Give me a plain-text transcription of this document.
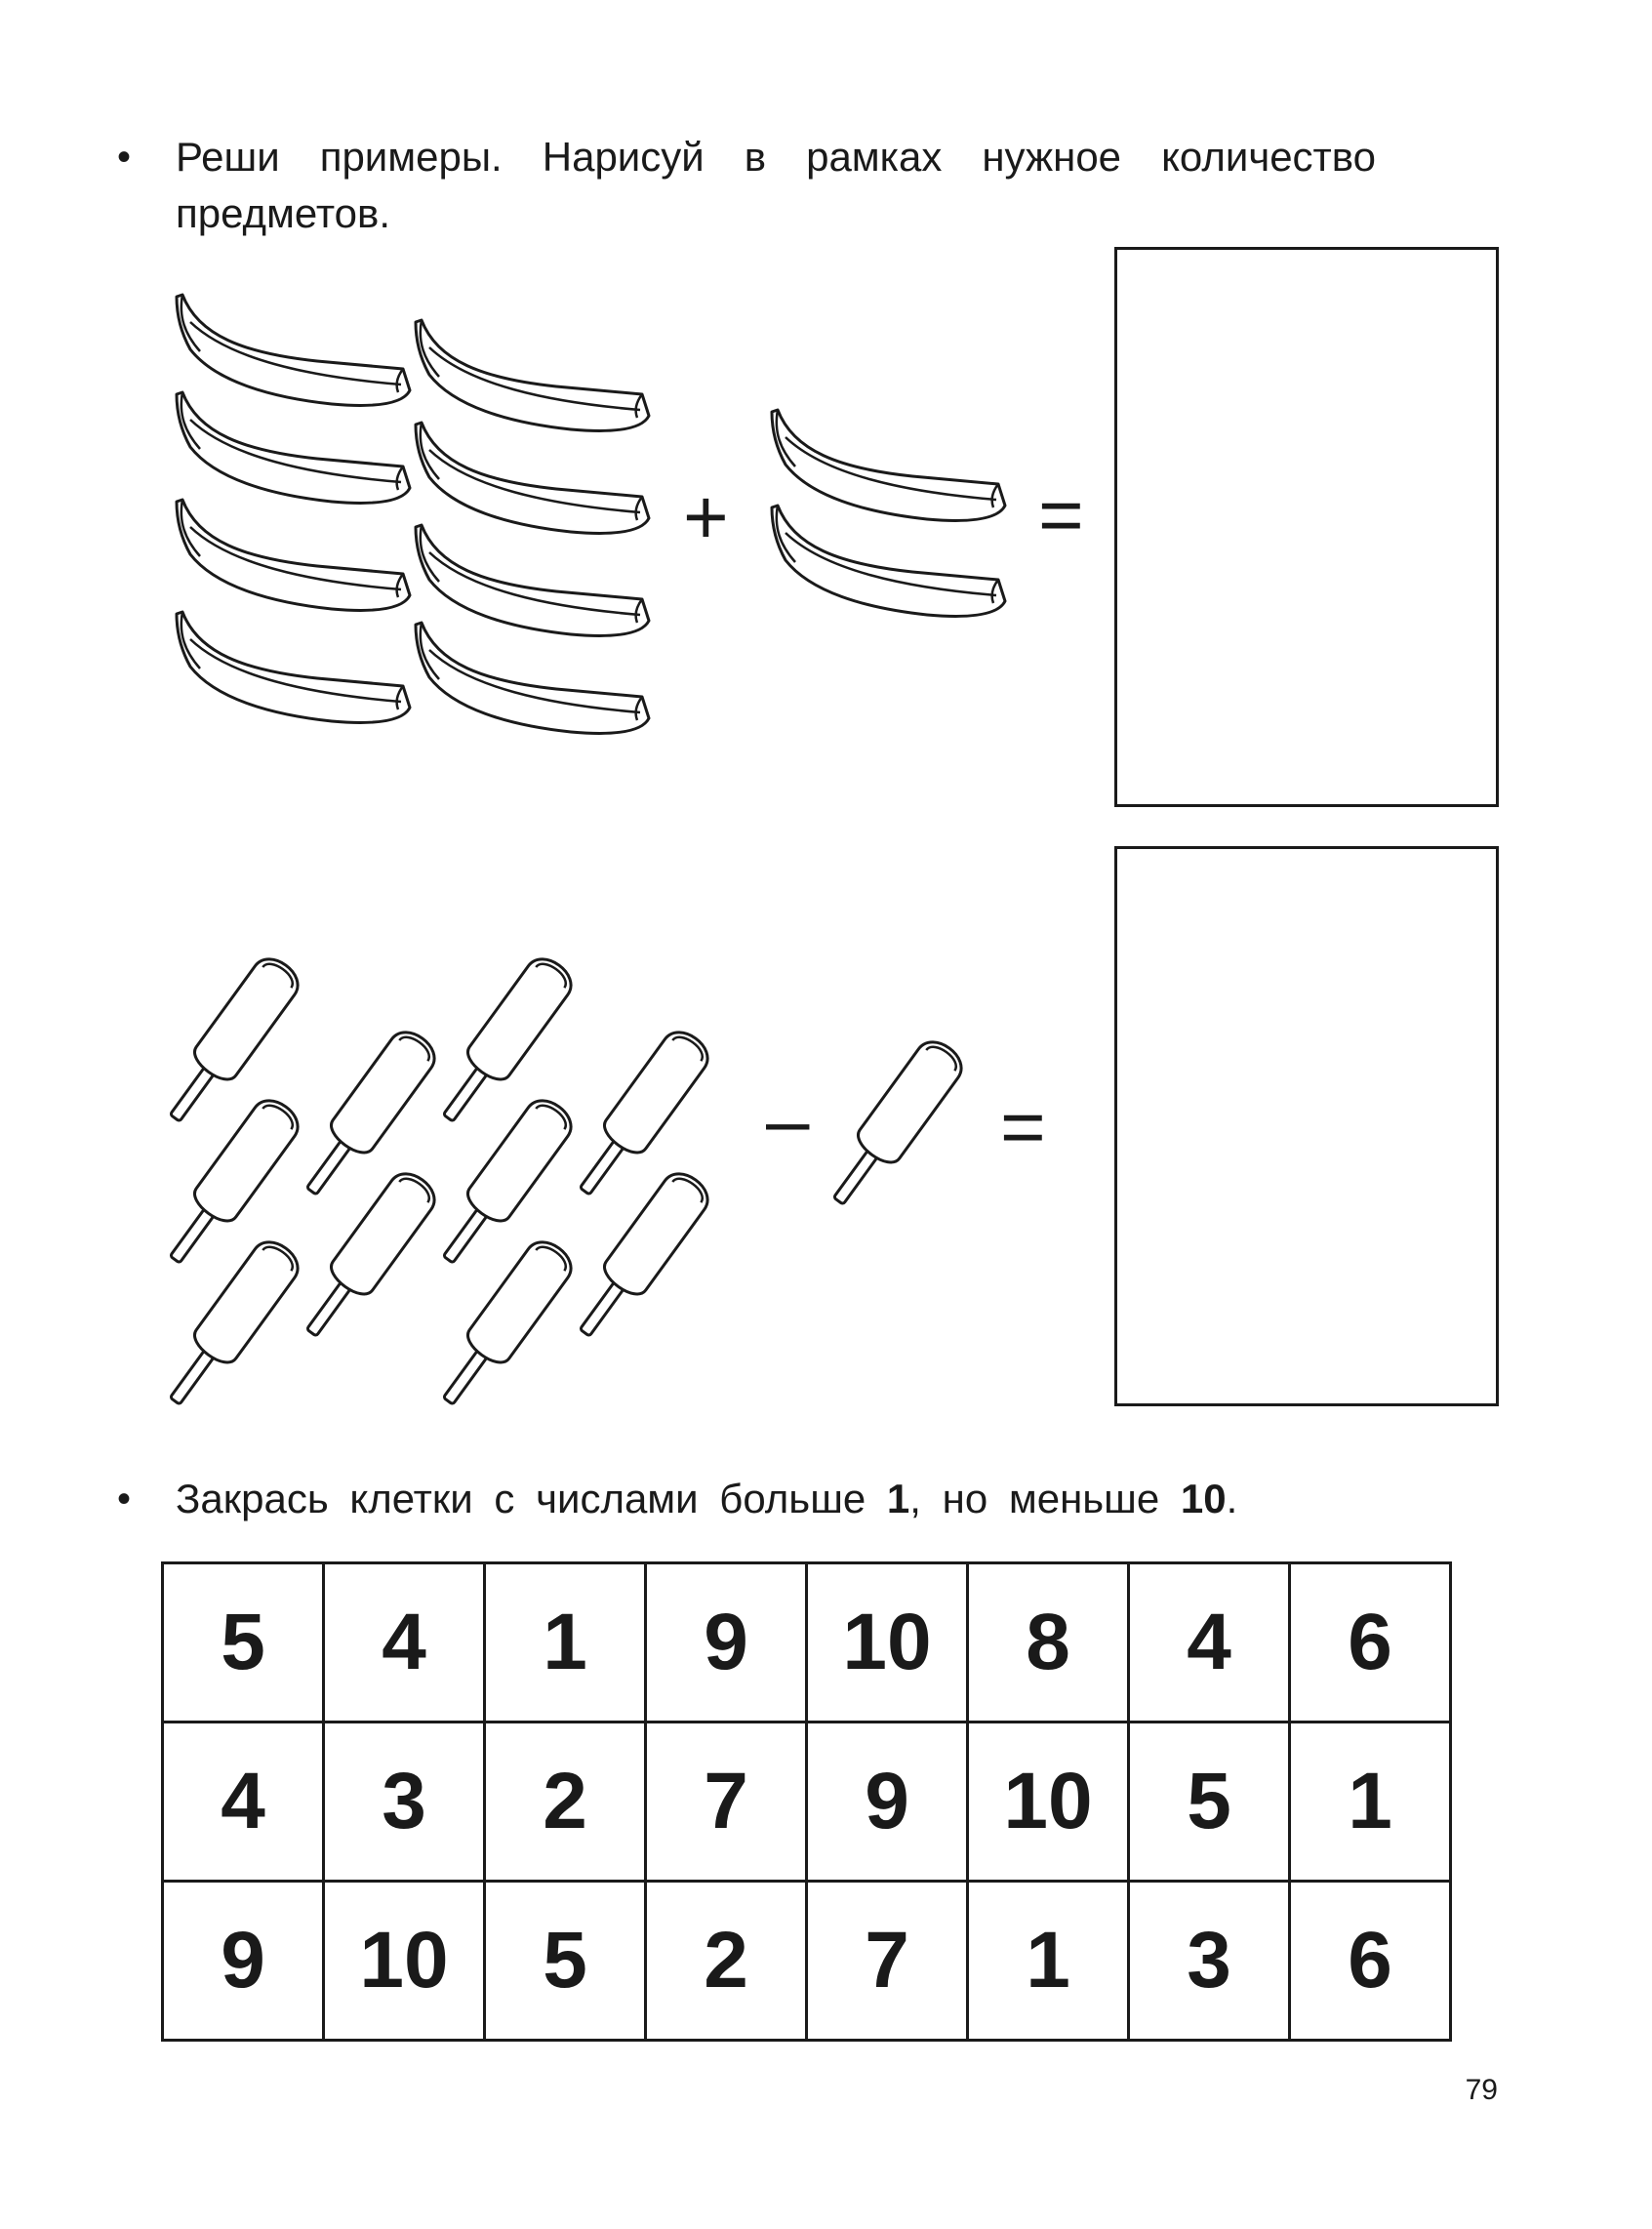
• Реши примеры. Нарисуй в рамках нужное количество предметов.
+	=
– =
• Закрась клетки с числами больше 1, но меньше 10.
5	4	1	9	10	8	4	6
4	3	2	7	9	10	5	1
9	10	5	2	7	1	3	6
79
